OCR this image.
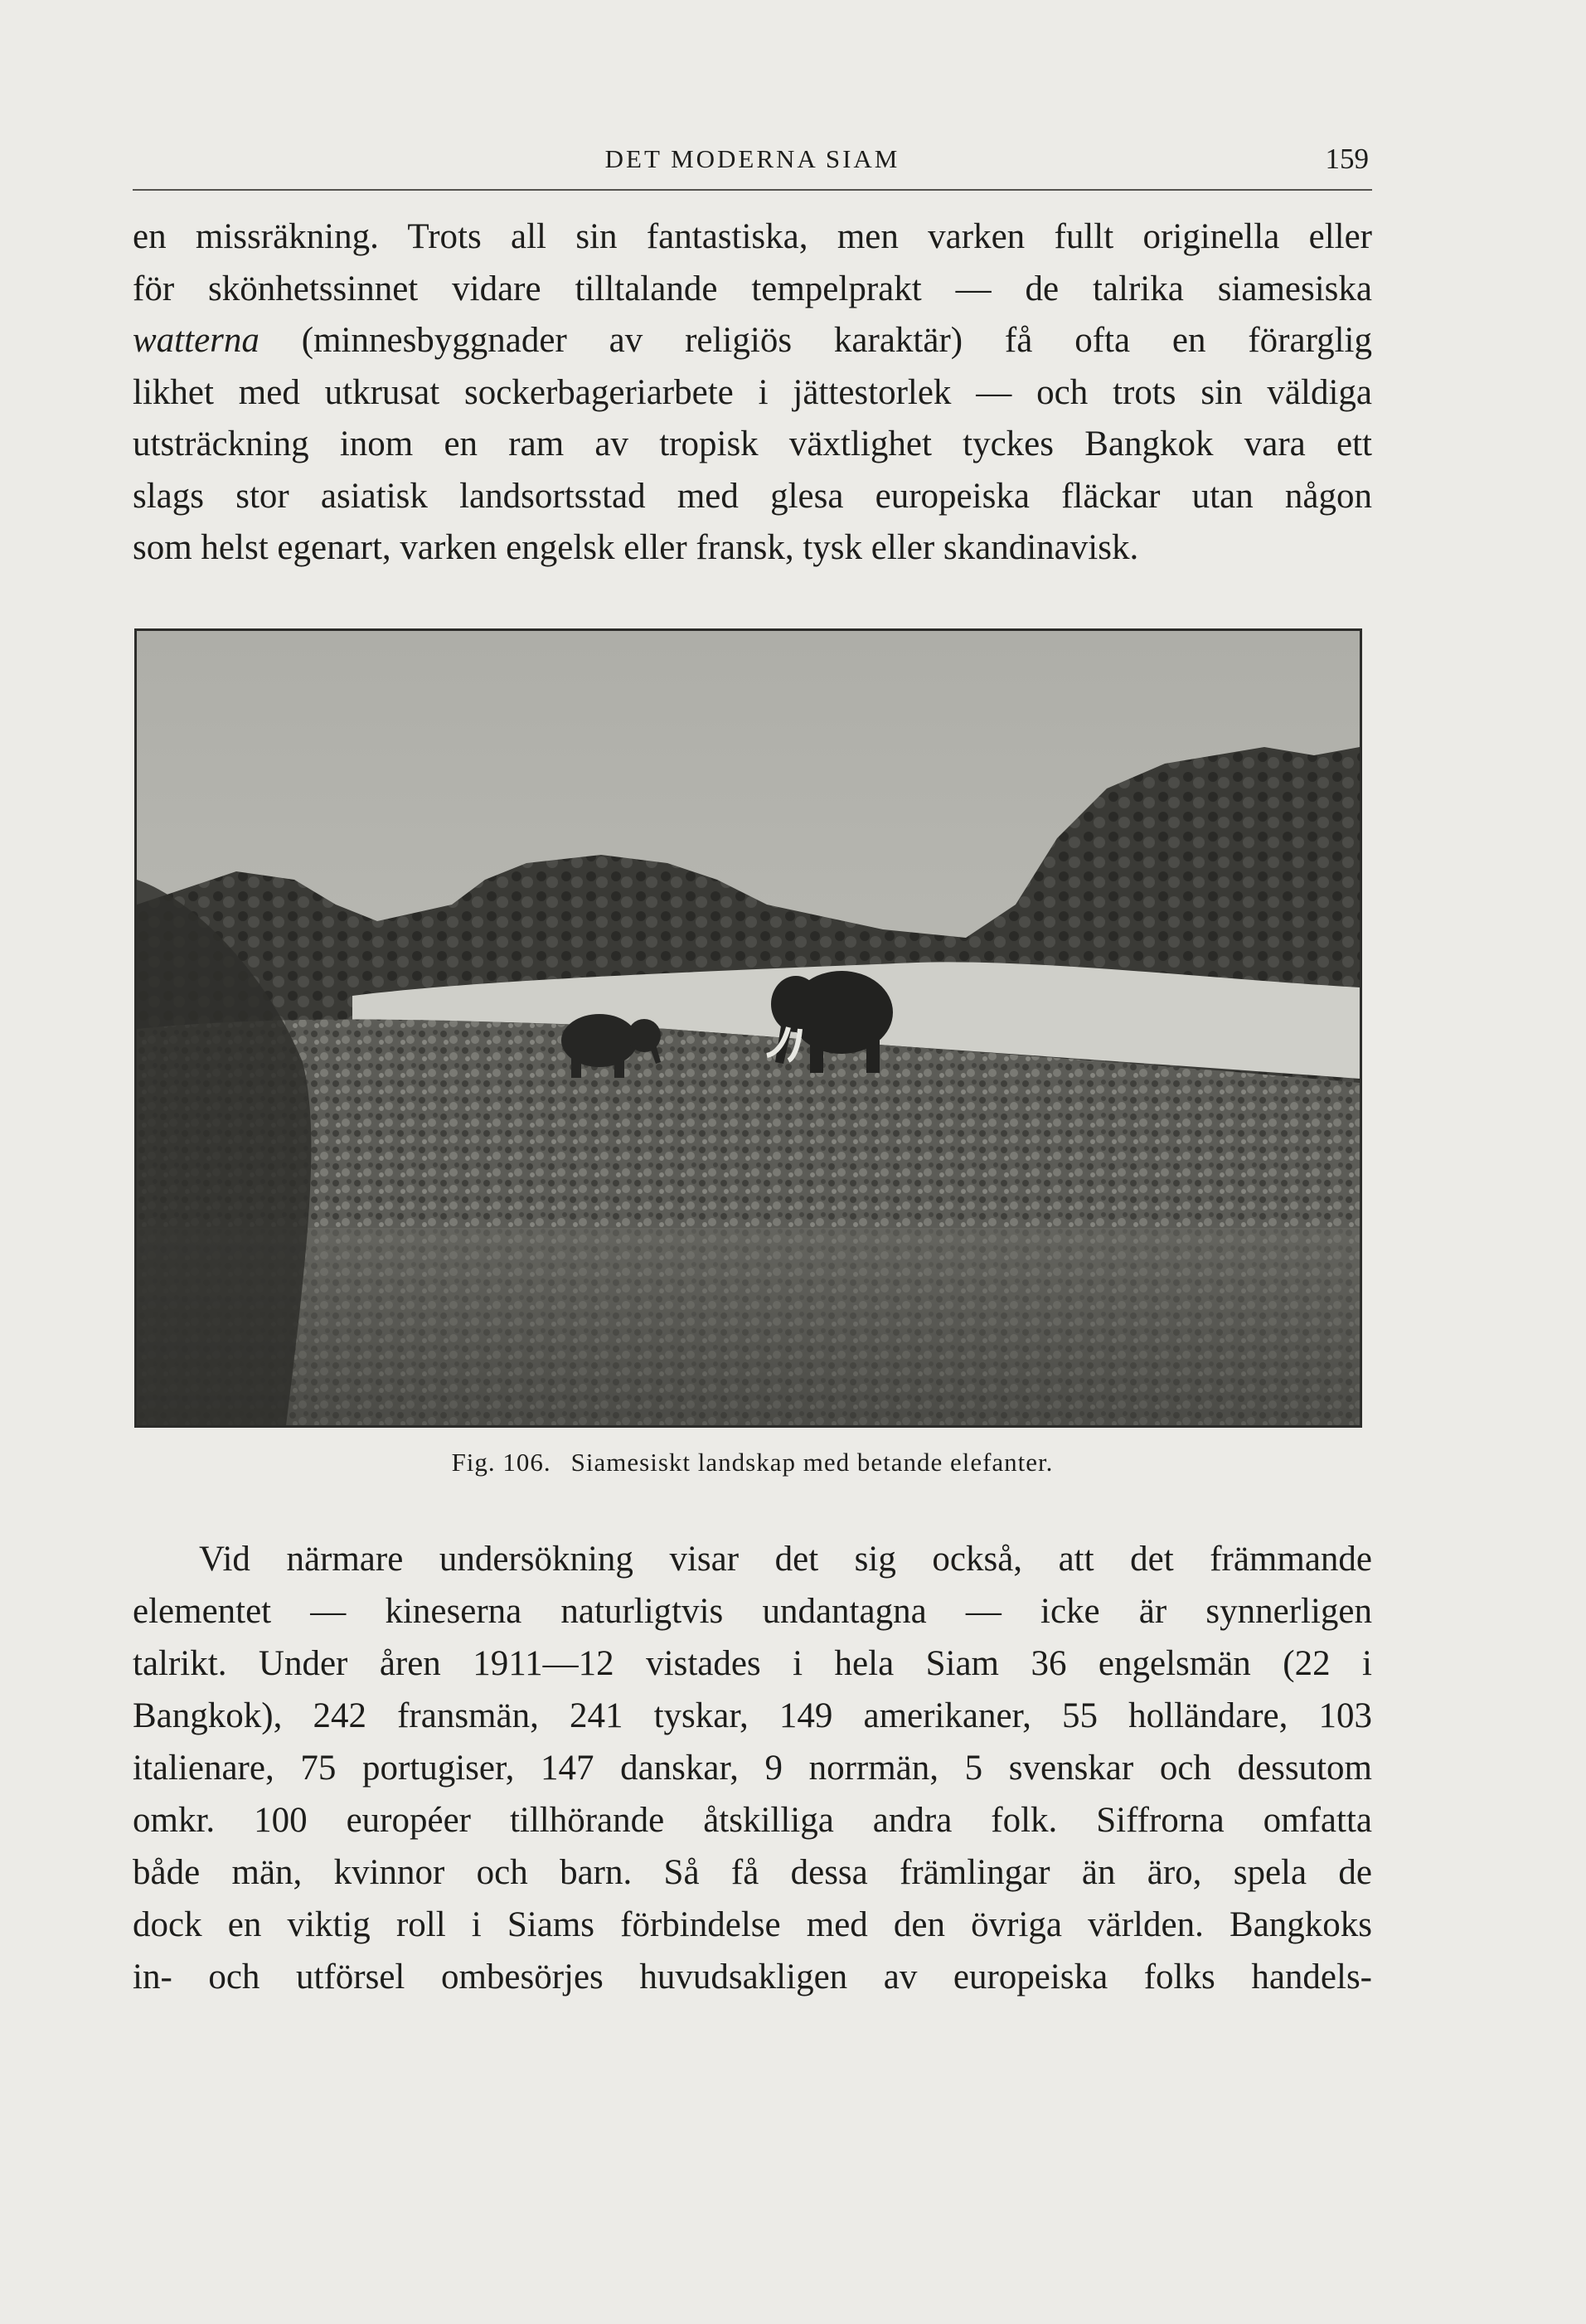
DET MODERNA SIAM	159
en missräkning. Trots all sin fantastiska, men varken fullt originella eller
för skönhetssinnet vidare tilltalande tempelprakt — de talrika siamesiska
watterna (minnesbyggnader av religiös karaktär) få ofta en förarglig
likhet med utkrusat sockerbageriarbete i jättestorlek — och trots sin väldiga
utsträckning inom en ram av tropisk växtlighet tyckes Bangkok vara ett
slags stor asiatisk landsortsstad med glesa europeiska fläckar utan någon
som helst egenart, varken engelsk eller fransk, tysk eller skandinavisk.
Fig. 106. Siamesiskt landskap med betande elefanter.
Vid närmare undersökning visar det sig också, att det främmande
elementet — kineserna naturligtvis undantagna — icke är synnerligen
talrikt. Under åren 1911—12 vistades i hela Siam 36 engelsmän (22 i
Bangkok), 242 fransmän, 241 tyskar, 149 amerikaner, 55 holländare, 103
italienare, 75 portugiser, 147 danskar, 9 norrmän, 5 svenskar och dessutom
omkr. 100 européer tillhörande åtskilliga andra folk. Siffrorna omfatta
både män, kvinnor och barn. Så få dessa främlingar än äro, spela de
dock en viktig roll i Siams förbindelse med den övriga världen. Bangkoks
in- och utförsel ombesörjes huvudsakligen av europeiska folks handels-
